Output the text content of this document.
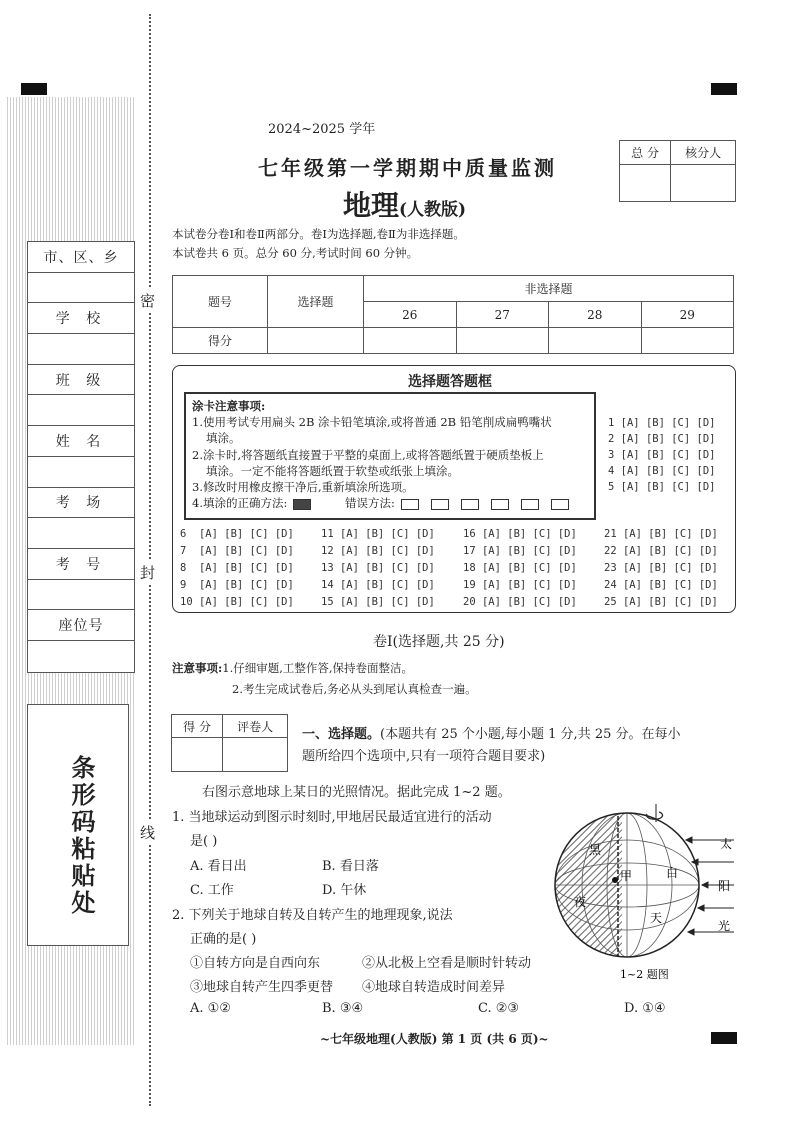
密
封
线
市、区、乡
学 校
班 级
姓 名
考 场
考 号
座位号
条形码粘贴处
2024~2025 学年
七年级第一学期期中质量监测
地理(人教版)
本试卷分卷Ⅰ和卷Ⅱ两部分。卷Ⅰ为选择题,卷Ⅱ为非选择题。
本试卷共 6 页。总分 60 分,考试时间 60 分钟。
总 分	核分人

题号	选择题	非选择题			
		26	27	28	29
得分					
选择题答题框
涂卡注意事项:
1.使用考试专用扁头 2B 涂卡铅笔填涂,或将普通 2B 铅笔削成扁鸭嘴状
填涂。
2.涂卡时,将答题纸直接置于平整的桌面上,或将答题纸置于硬质垫板上
填涂。一定不能将答题纸置于软垫或纸张上填涂。
3.修改时用橡皮擦干净后,重新填涂所选项。
4.填涂的正确方法:	错误方法:
1 [A] [B] [C] [D]
2 [A] [B] [C] [D]
3 [A] [B] [C] [D]
4 [A] [B] [C] [D]
5 [A] [B] [C] [D]
6 [A] [B] [C] [D]
7 [A] [B] [C] [D]
8 [A] [B] [C] [D]
9 [A] [B] [C] [D]
10 [A] [B] [C] [D]
11 [A] [B] [C] [D]
12 [A] [B] [C] [D]
13 [A] [B] [C] [D]
14 [A] [B] [C] [D]
15 [A] [B] [C] [D]
16 [A] [B] [C] [D]
17 [A] [B] [C] [D]
18 [A] [B] [C] [D]
19 [A] [B] [C] [D]
20 [A] [B] [C] [D]
21 [A] [B] [C] [D]
22 [A] [B] [C] [D]
23 [A] [B] [C] [D]
24 [A] [B] [C] [D]
25 [A] [B] [C] [D]
卷Ⅰ(选择题,共 25 分)
注意事项:1.仔细审题,工整作答,保持卷面整洁。
2.考生完成试卷后,务必从头到尾认真检查一遍。
得 分	评卷人

一、选择题。(本题共有 25 个小题,每小题 1 分,共 25 分。在每小
题所给四个选项中,只有一项符合题目要求)
右图示意地球上某日的光照情况。据此完成 1~2 题。
1. 当地球运动到图示时刻时,甲地居民最适宜进行的活动
是( )
A. 看日出	B. 看日落
C. 工作	D. 午休
2. 下列关于地球自转及自转产生的地理现象,说法
正确的是( )
①自转方向是自西向东	②从北极上空看是顺时针转动
③地球自转产生四季更替 ④地球自转造成时间差异
A. ①②	B. ③④	C. ②③	D. ①④
黑
夜
甲	白
天
太
阳
光
1~2 题图
~七年级地理(人教版) 第 1 页 (共 6 页)~
